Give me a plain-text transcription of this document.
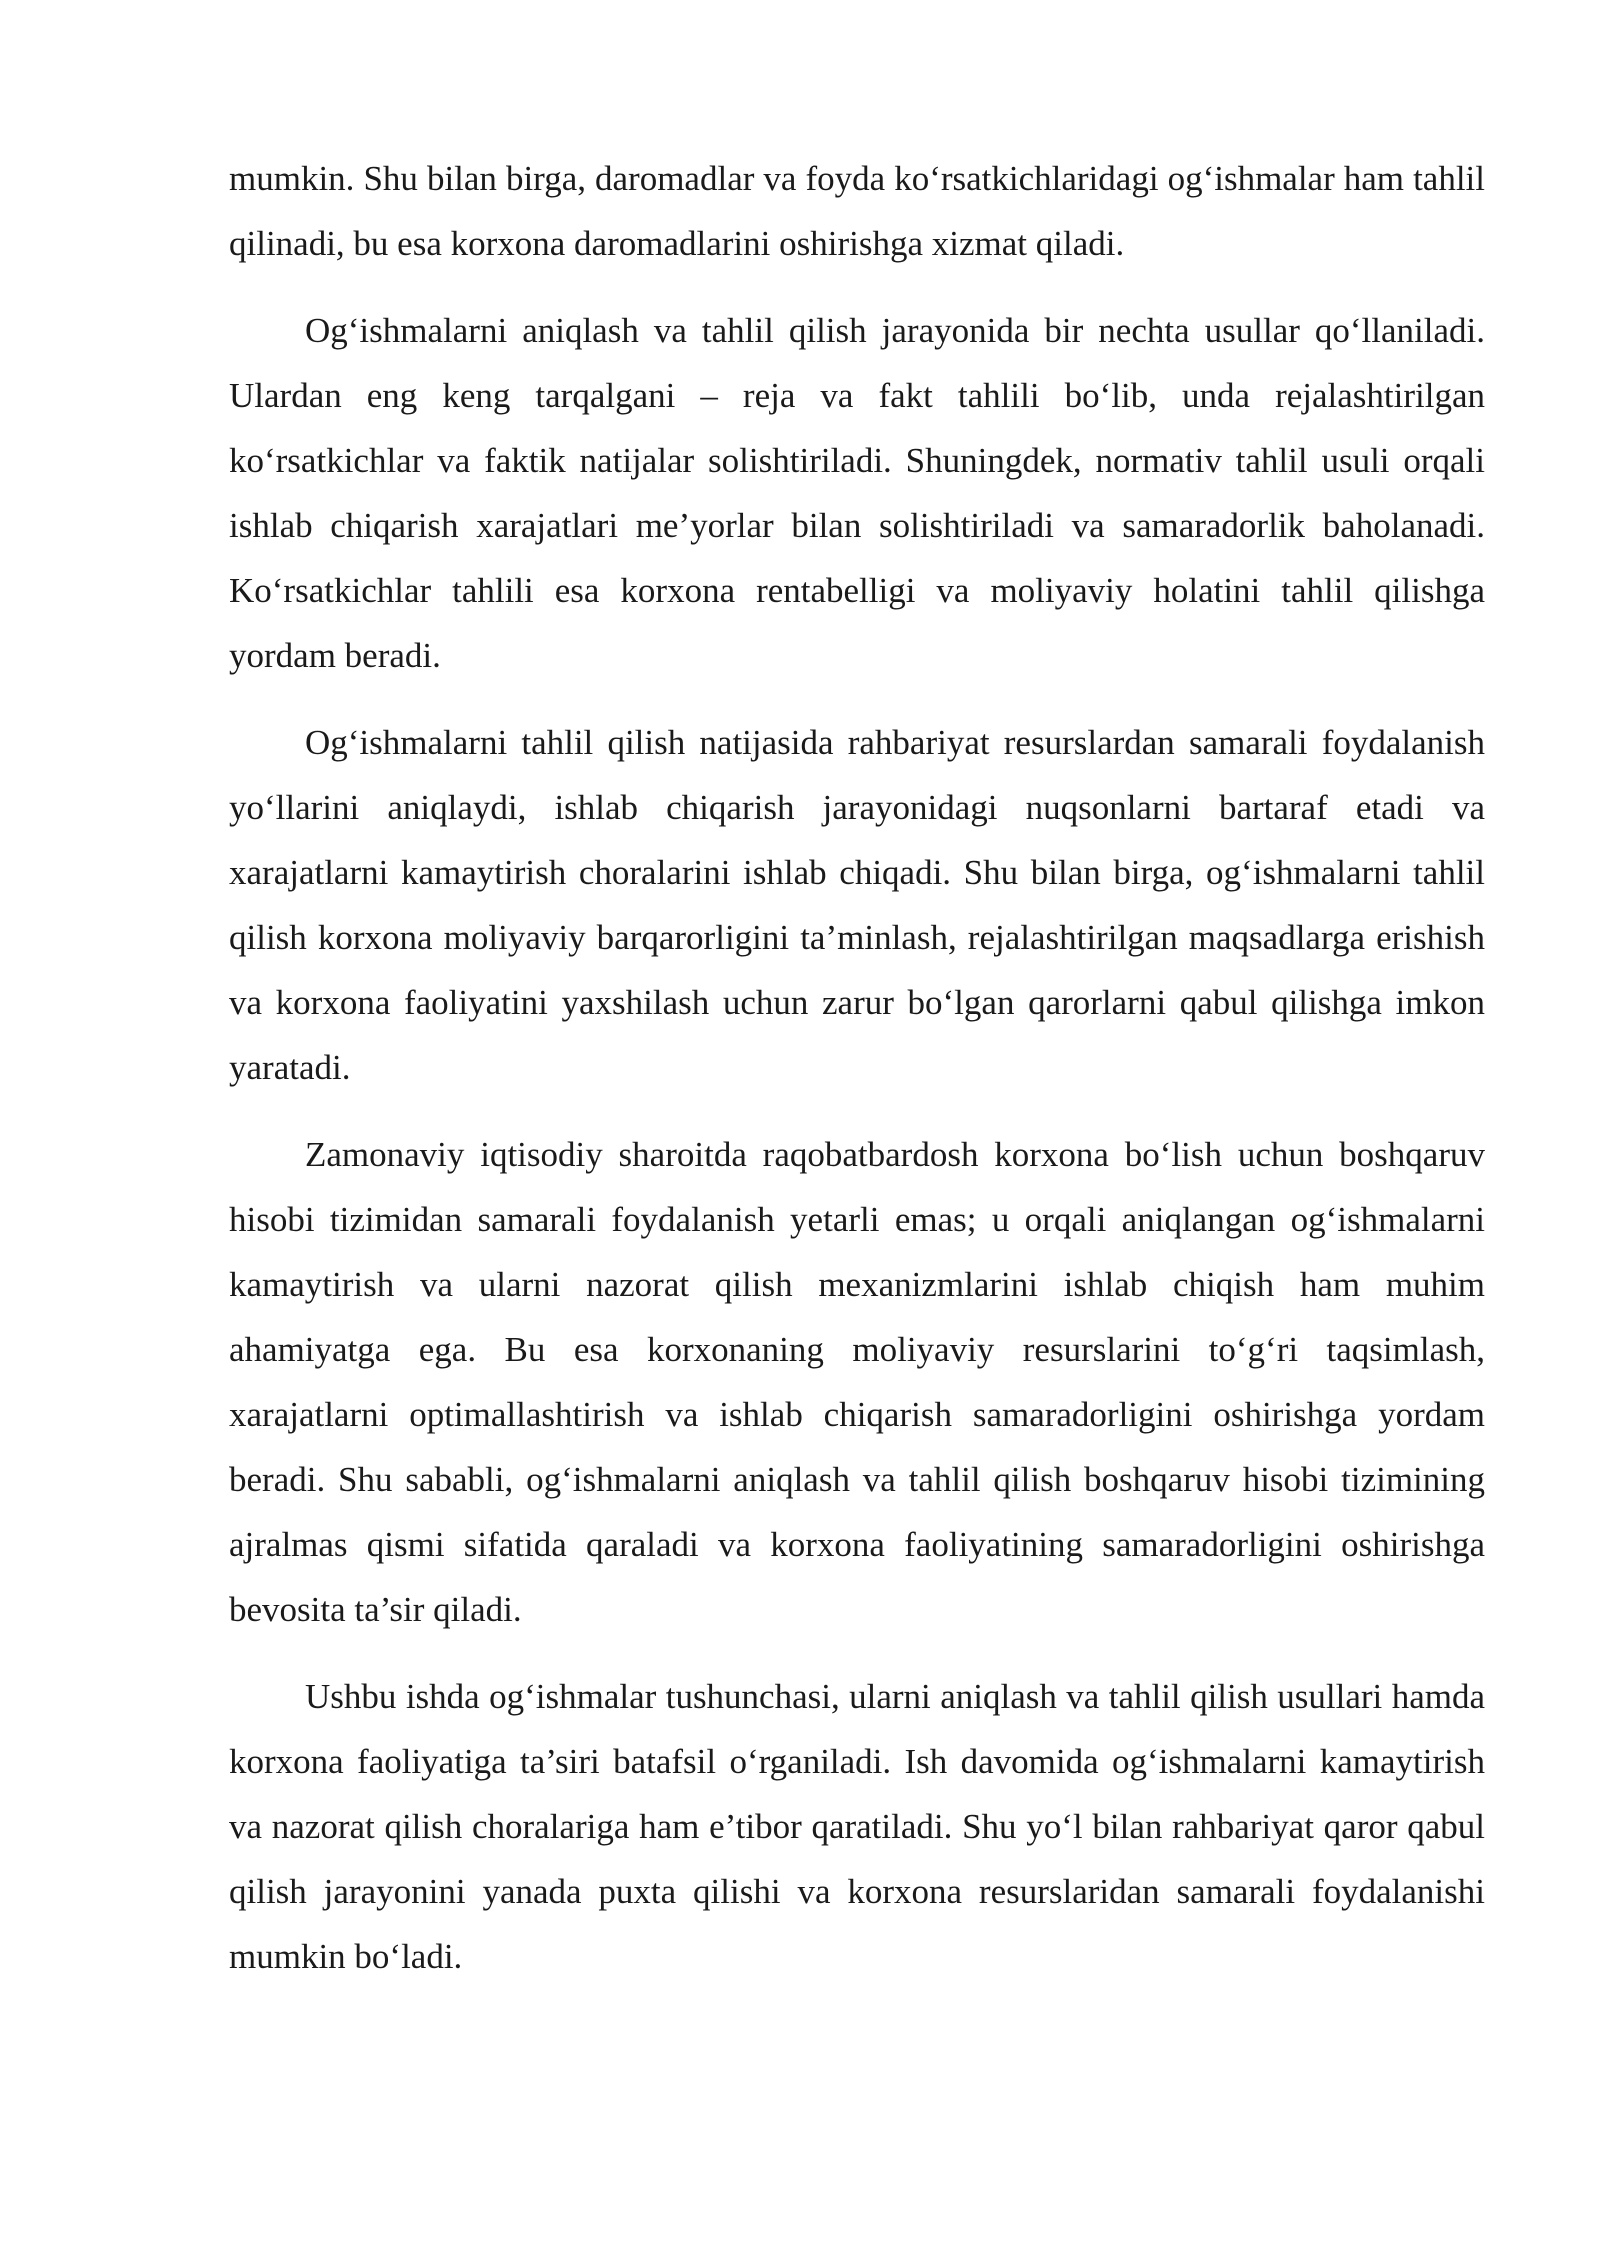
mumkin. Shu bilan birga, daromadlar va foyda ko‘rsatkichlaridagi og‘ishmalar ham tahlil qilinadi, bu esa korxona daromadlarini oshirishga xizmat qiladi.

Og‘ishmalarni aniqlash va tahlil qilish jarayonida bir nechta usullar qo‘llaniladi. Ulardan eng keng tarqalgani – reja va fakt tahlili bo‘lib, unda rejalashtirilgan ko‘rsatkichlar va faktik natijalar solishtiriladi. Shuningdek, normativ tahlil usuli orqali ishlab chiqarish xarajatlari me’yorlar bilan solishtiriladi va samaradorlik baholanadi. Ko‘rsatkichlar tahlili esa korxona rentabelligi va moliyaviy holatini tahlil qilishga yordam beradi.

Og‘ishmalarni tahlil qilish natijasida rahbariyat resurslardan samarali foydalanish yo‘llarini aniqlaydi, ishlab chiqarish jarayonidagi nuqsonlarni bartaraf etadi va xarajatlarni kamaytirish choralarini ishlab chiqadi. Shu bilan birga, og‘ishmalarni tahlil qilish korxona moliyaviy barqarorligini ta’minlash, rejalashtirilgan maqsadlarga erishish va korxona faoliyatini yaxshilash uchun zarur bo‘lgan qarorlarni qabul qilishga imkon yaratadi.

Zamonaviy iqtisodiy sharoitda raqobatbardosh korxona bo‘lish uchun boshqaruv hisobi tizimidan samarali foydalanish yetarli emas; u orqali aniqlangan og‘ishmalarni kamaytirish va ularni nazorat qilish mexanizmlarini ishlab chiqish ham muhim ahamiyatga ega. Bu esa korxonaning moliyaviy resurslarini to‘g‘ri taqsimlash, xarajatlarni optimallashtirish va ishlab chiqarish samaradorligini oshirishga yordam beradi. Shu sababli, og‘ishmalarni aniqlash va tahlil qilish boshqaruv hisobi tizimining ajralmas qismi sifatida qaraladi va korxona faoliyatining samaradorligini oshirishga bevosita ta’sir qiladi.

Ushbu ishda og‘ishmalar tushunchasi, ularni aniqlash va tahlil qilish usullari hamda korxona faoliyatiga ta’siri batafsil o‘rganiladi. Ish davomida og‘ishmalarni kamaytirish va nazorat qilish choralariga ham e’tibor qaratiladi. Shu yo‘l bilan rahbariyat qaror qabul qilish jarayonini yanada puxta qilishi va korxona resurslaridan samarali foydalanishi mumkin bo‘ladi.
